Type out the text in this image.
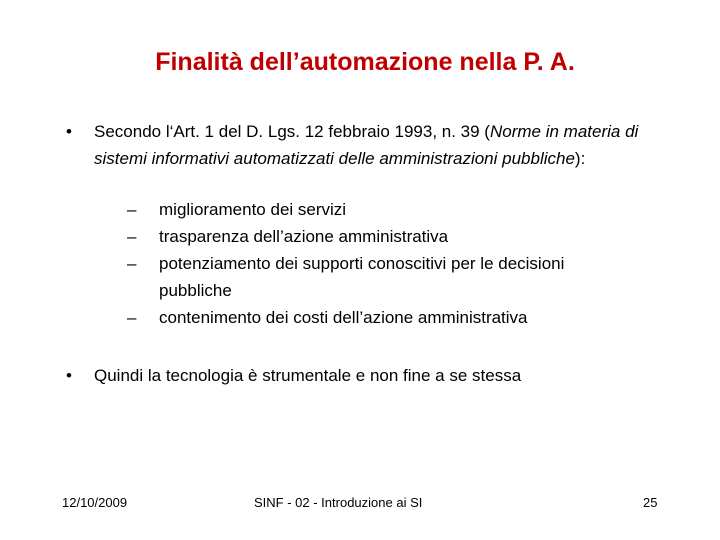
Finalità dell’automazione nella P. A.
• Secondo l‘Art. 1 del D. Lgs. 12 febbraio 1993, n. 39 (Norme in materia di sistemi informativi automatizzati delle amministrazioni pubbliche):
– miglioramento dei servizi
– trasparenza dell’azione amministrativa
– potenziamento dei supporti conoscitivi per le decisioni pubbliche
– contenimento dei costi dell’azione amministrativa
• Quindi la tecnologia è strumentale e non fine a se stessa
12/10/2009	SINF - 02 - Introduzione ai SI	25
